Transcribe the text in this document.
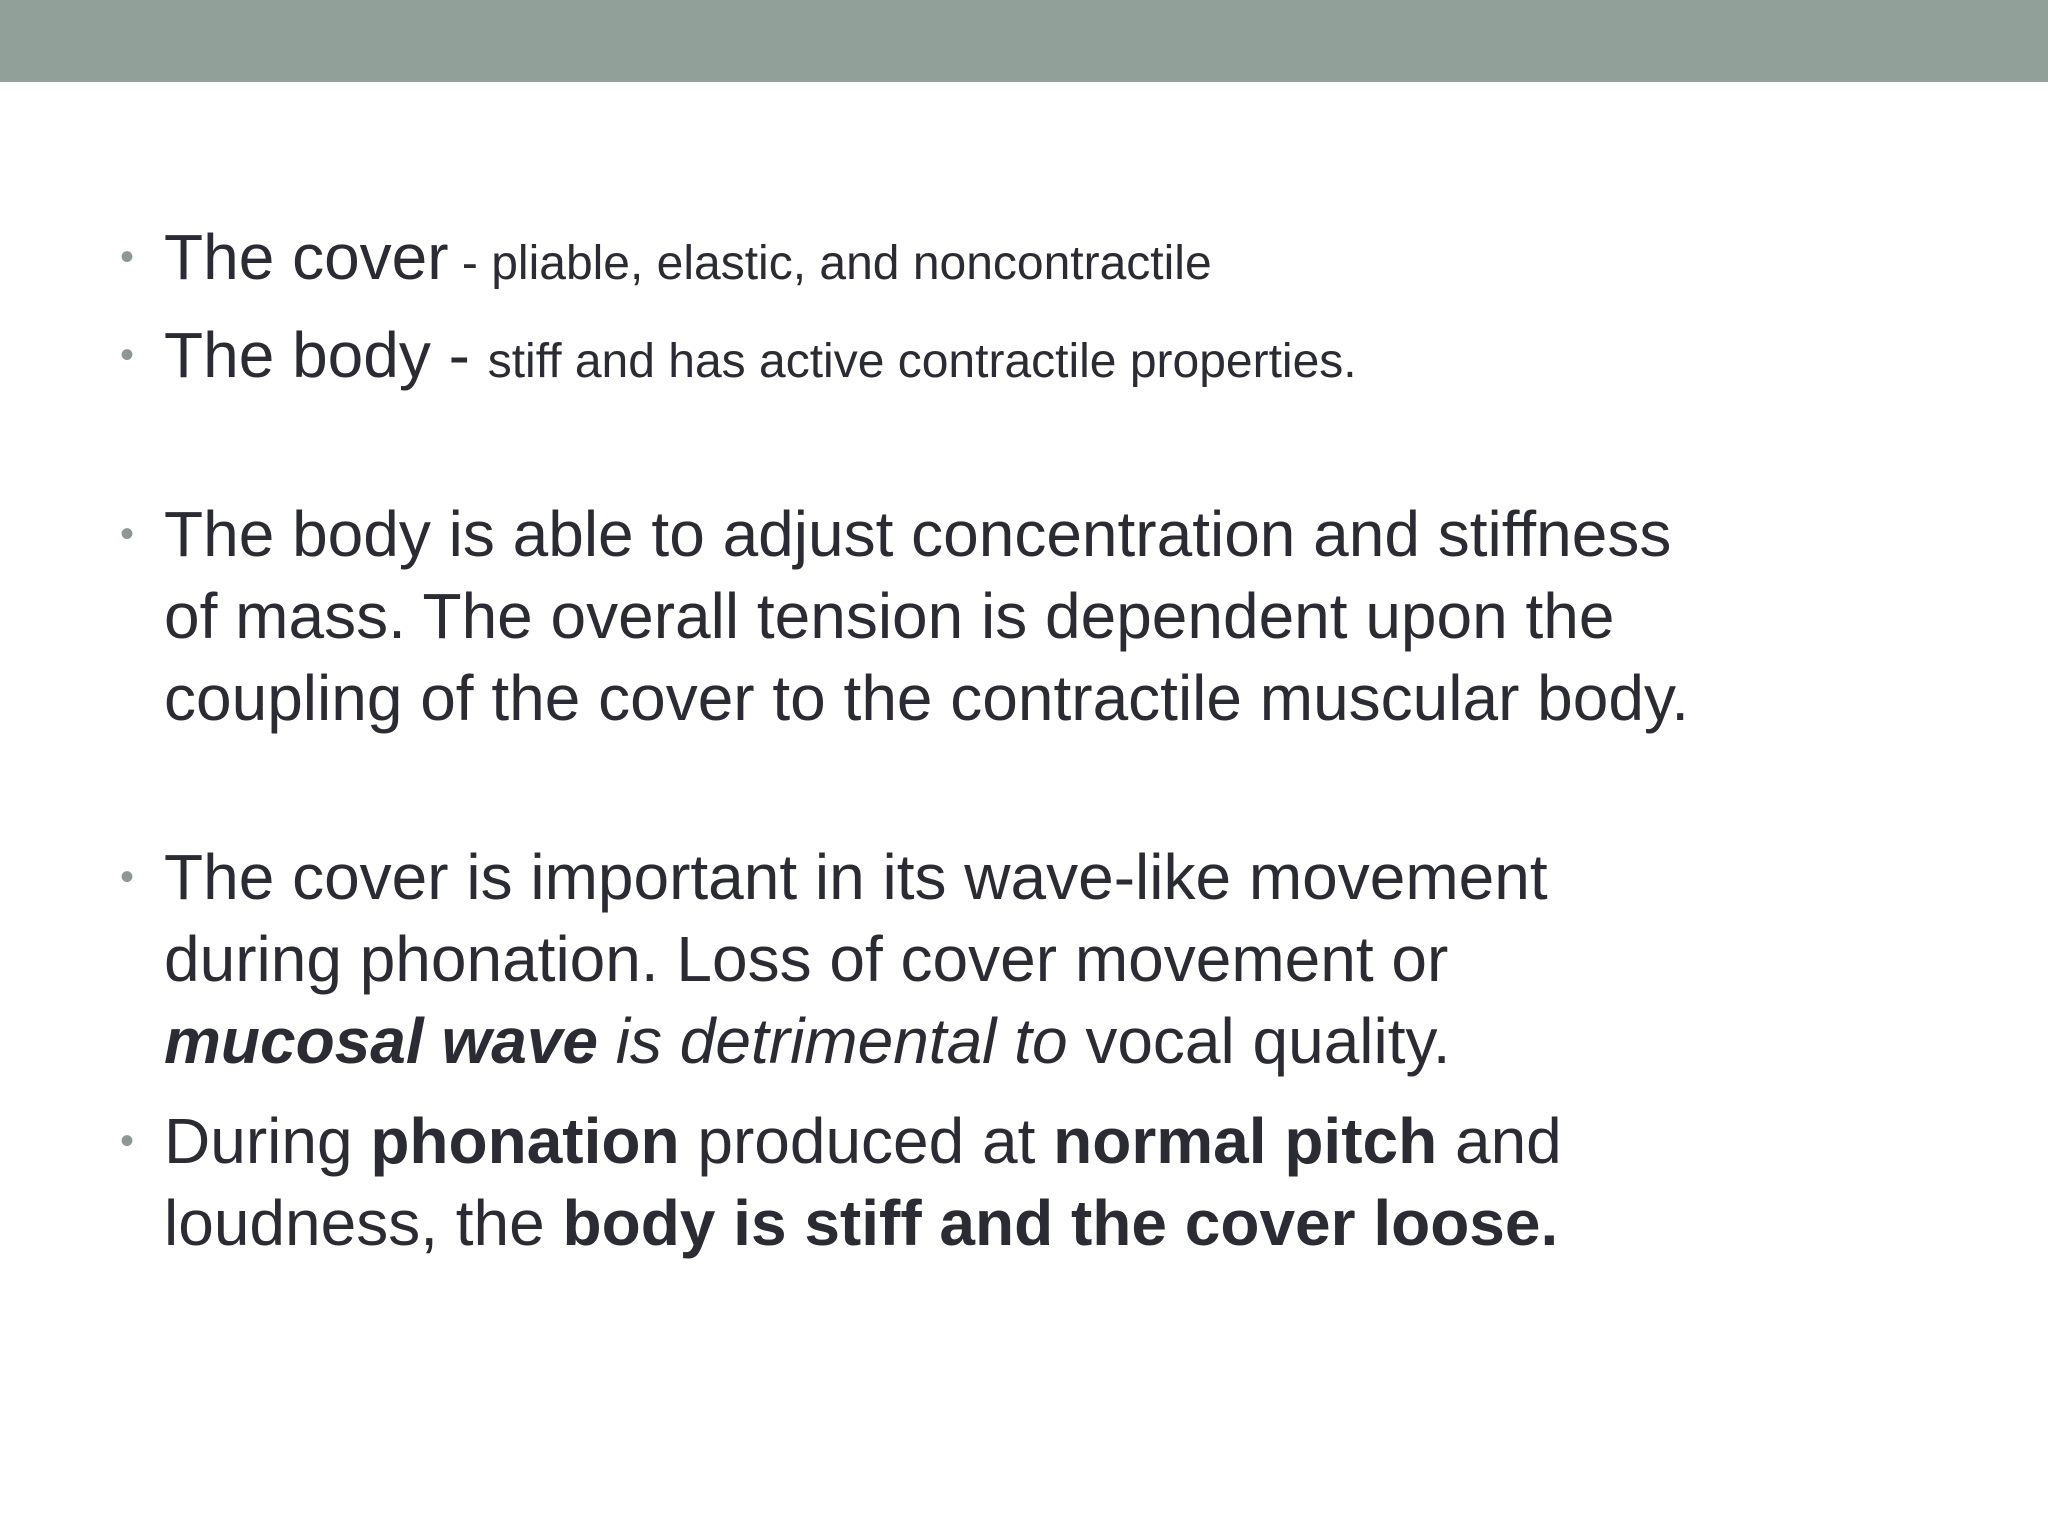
• The cover - pliable, elastic, and noncontractile
• The body - stiff and has active contractile properties.
• The body is able to adjust concentration and stiffness of mass. The overall tension is dependent upon the coupling of the cover to the contractile muscular body.
• The cover is important in its wave-like movement during phonation. Loss of cover movement or mucosal wave is detrimental to vocal quality.
• During phonation produced at normal pitch and loudness, the body is stiff and the cover loose.
